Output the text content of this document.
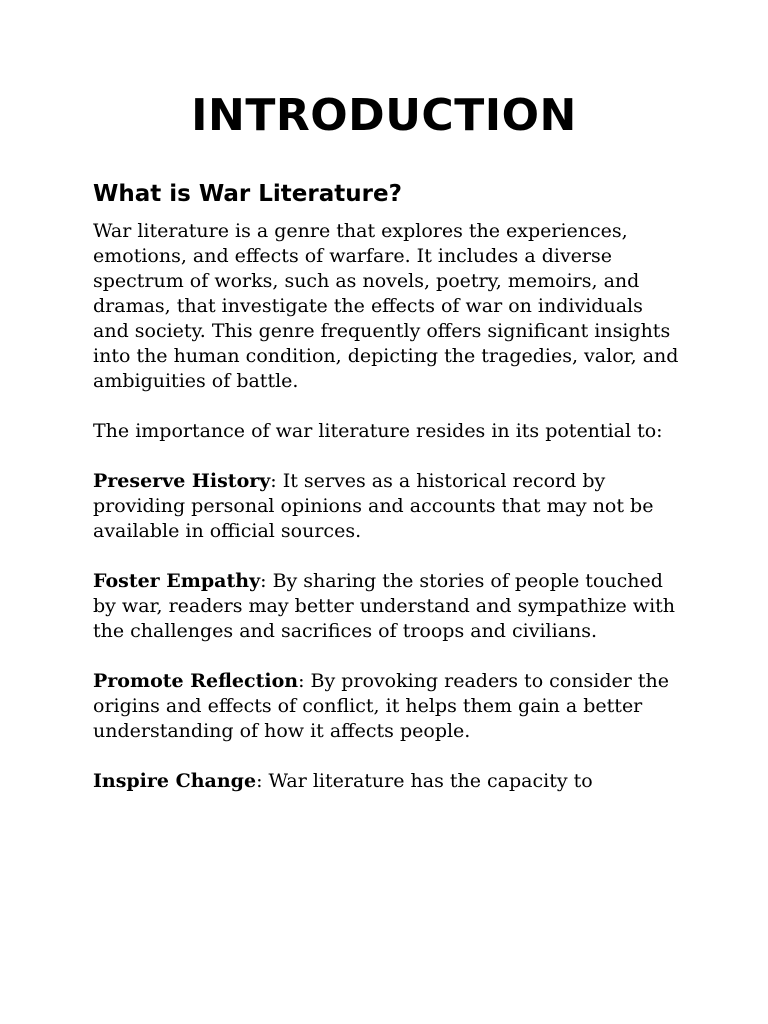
INTRODUCTION
What is War Literature?

War literature is a genre that explores the experiences, emotions, and effects of warfare. It includes a diverse spectrum of works, such as novels, poetry, memoirs, and dramas, that investigate the effects of war on individuals and society. This genre frequently offers significant insights into the human condition, depicting the tragedies, valor, and ambiguities of battle.

The importance of war literature resides in its potential to:

Preserve History: It serves as a historical record by providing personal opinions and accounts that may not be available in official sources.

Foster Empathy: By sharing the stories of people touched by war, readers may better understand and sympathize with the challenges and sacrifices of troops and civilians.

Promote Reflection: By provoking readers to consider the origins and effects of conflict, it helps them gain a better understanding of how it affects people.

Inspire Change: War literature has the capacity to
